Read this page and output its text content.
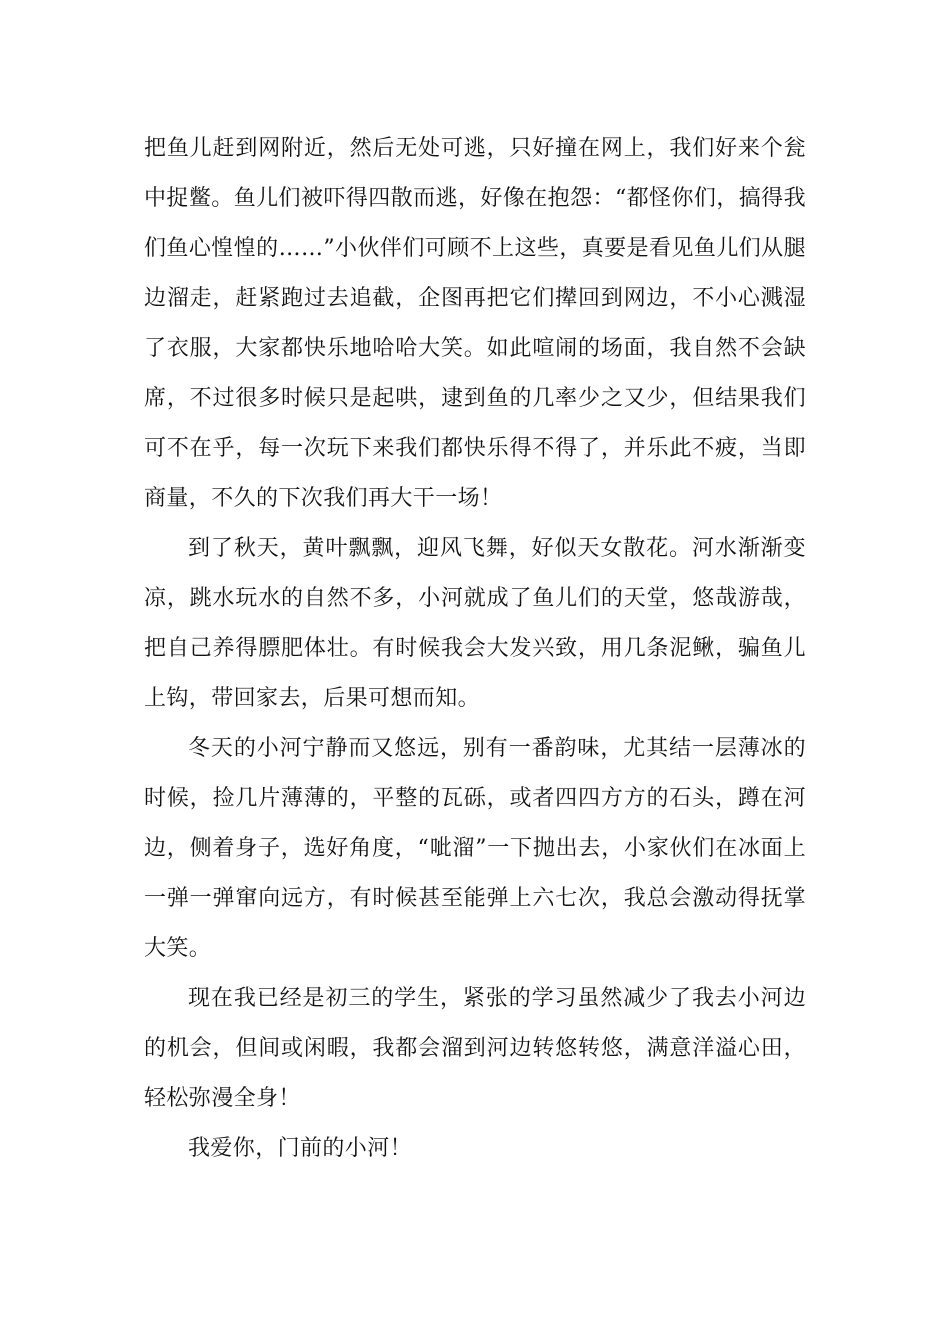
把鱼儿赶到网附近，然后无处可逃，只好撞在网上，我们好来个瓮中捉鳖。鱼儿们被吓得四散而逃，好像在抱怨：“都怪你们，搞得我们鱼心惶惶的……”小伙伴们可顾不上这些，真要是看见鱼儿们从腿边溜走，赶紧跑过去追截，企图再把它们撵回到网边，不小心溅湿了衣服，大家都快乐地哈哈大笑。如此喧闹的场面，我自然不会缺席，不过很多时候只是起哄，逮到鱼的几率少之又少，但结果我们可不在乎，每一次玩下来我们都快乐得不得了，并乐此不疲，当即商量，不久的下次我们再大干一场！

到了秋天，黄叶飘飘，迎风飞舞，好似天女散花。河水渐渐变凉，跳水玩水的自然不多，小河就成了鱼儿们的天堂，悠哉游哉，把自己养得膘肥体壮。有时候我会大发兴致，用几条泥鳅，骗鱼儿上钩，带回家去，后果可想而知。

冬天的小河宁静而又悠远，别有一番韵味，尤其结一层薄冰的时候，捡几片薄薄的，平整的瓦砾，或者四四方方的石头，蹲在河边，侧着身子，选好角度，“呲溜”一下抛出去，小家伙们在冰面上一弹一弹窜向远方，有时候甚至能弹上六七次，我总会激动得抚掌大笑。

现在我已经是初三的学生，紧张的学习虽然减少了我去小河边的机会，但间或闲暇，我都会溜到河边转悠转悠，满意洋溢心田，轻松弥漫全身！

我爱你，门前的小河！
